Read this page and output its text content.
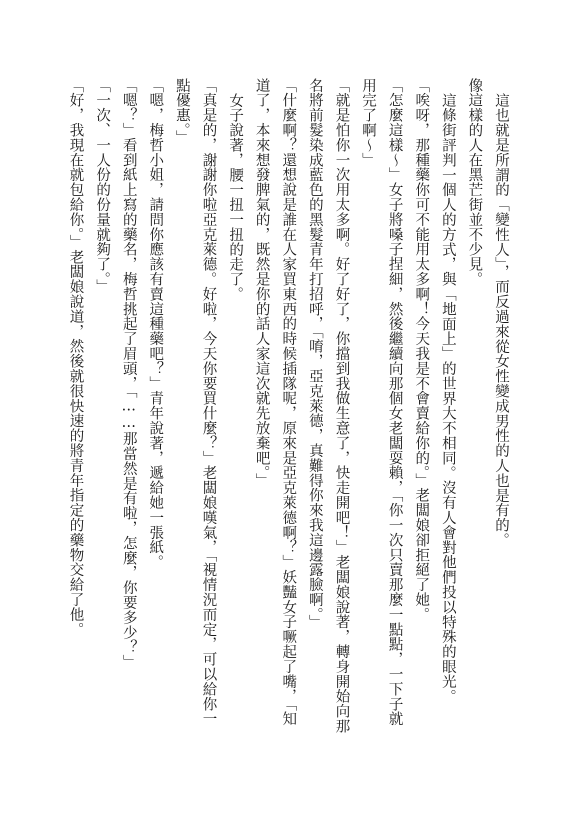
這也就是所謂的「變性人」，而反過來從女性變成男性的人也是有的。

像這樣的人在黑芒街並不少見。

這條街評判一個人的方式，與「地面上」的世界大不相同。沒有人會對他們投以特殊的眼光。

「唉呀，那種藥你可不能用太多啊！今天我是不會賣給你的。」老闆娘卻拒絕了她。

「怎麼這樣～」女子將嗓子捏細，然後繼續向那個女老闆耍賴，「你一次只賣那麼一點點，一下子就

用完了啊～」

「就是怕你一次用太多啊。好了好了，你擋到我做生意了，快走開吧！」老闆娘說著，轉身開始向那

名將前髮染成藍色的黑髮青年打招呼，「唷，亞克萊德，真難得你來我這邊露臉啊。」

「什麼啊？還想說是誰在人家買東西的時候插隊呢，原來是亞克萊德啊？」妖豔女子噘起了嘴，「知

道了，本來想發脾氣的，既然是你的話人家這次就先放棄吧。」

女子說著，腰一扭一扭的走了。

「真是的，謝謝你啦亞克萊德。好啦，今天你要買什麼？」老闆娘嘆氣，「視情況而定，可以給你一

點優惠。」

「嗯，梅哲小姐，請問你應該有賣這種藥吧？」青年說著，遞給她一張紙。

「嗯？」看到紙上寫的藥名，梅哲挑起了眉頭，「……那當然是有啦，怎麼，你要多少？」

「一次、一人份的份量就夠了。」

「好，我現在就包給你。」老闆娘說道，然後就很快速的將青年指定的藥物交給了他。
